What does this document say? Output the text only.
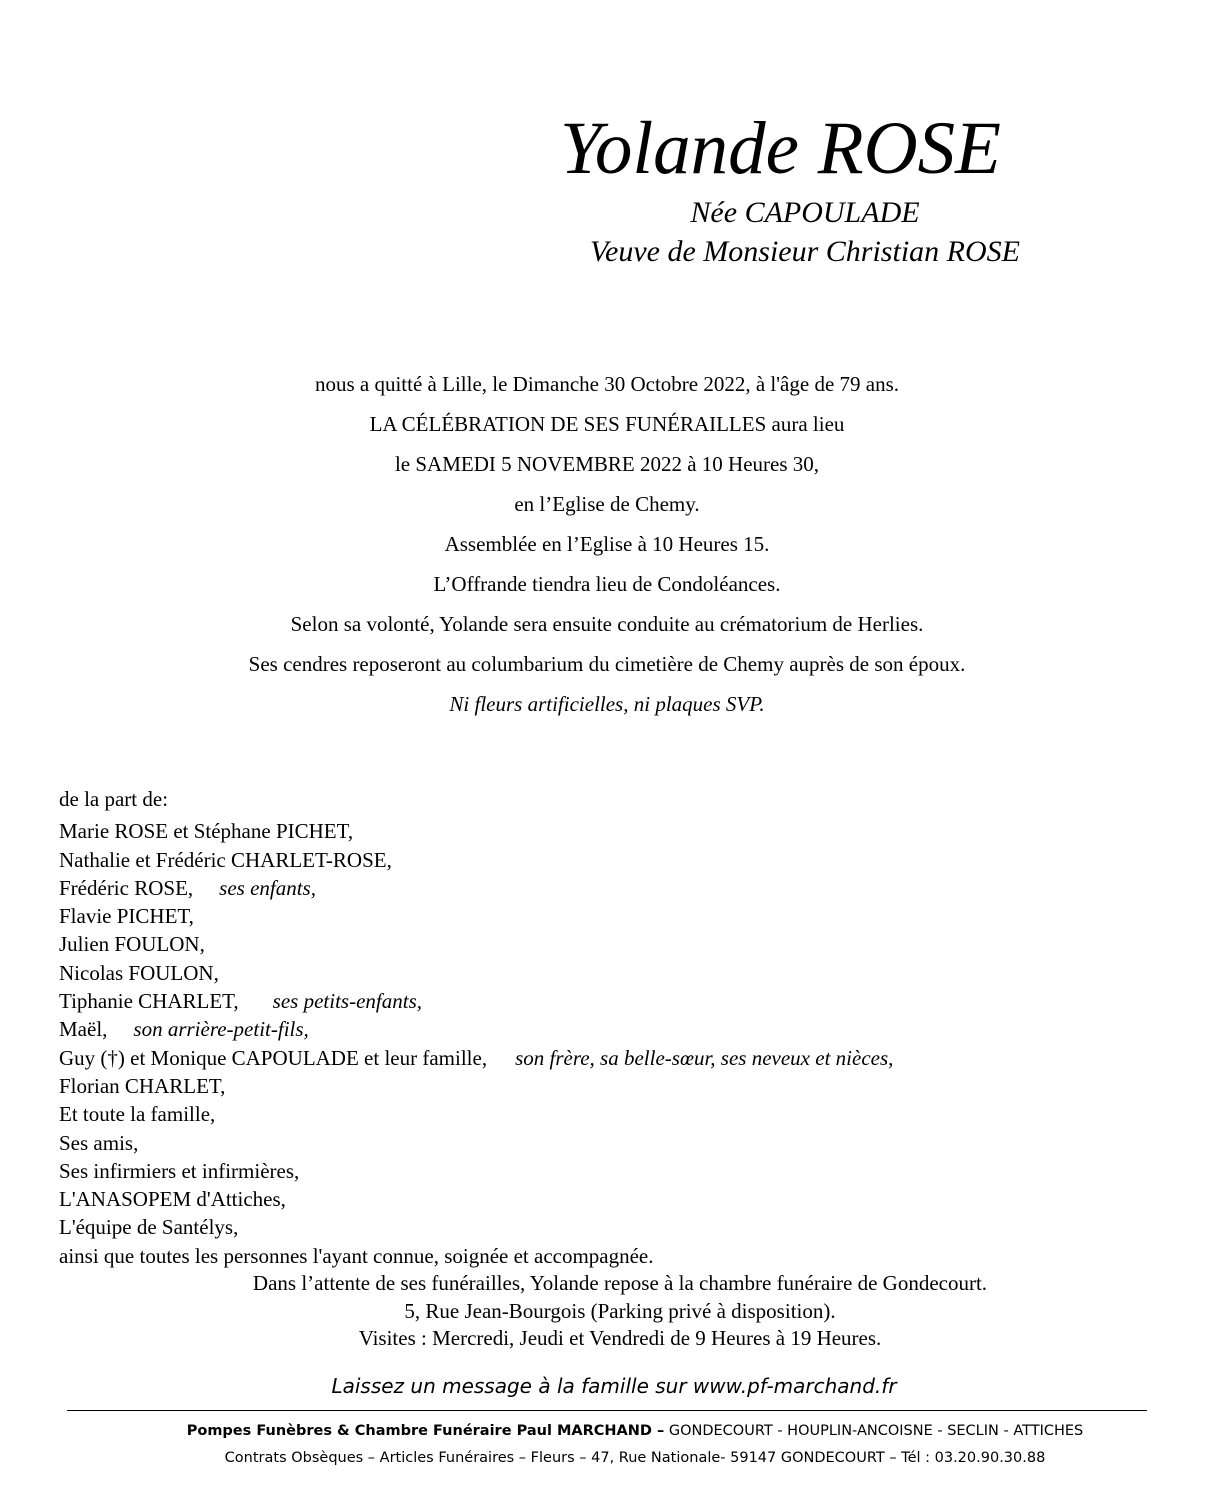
Yolande ROSE
Née CAPOULADE
Veuve de Monsieur Christian ROSE
nous a quitté à Lille, le Dimanche 30 Octobre 2022, à l'âge de 79 ans.
LA CÉLÉBRATION DE SES FUNÉRAILLES aura lieu
le SAMEDI 5 NOVEMBRE 2022 à 10 Heures 30,
en l’Eglise de Chemy.
Assemblée en l’Eglise à 10 Heures 15.
L’Offrande tiendra lieu de Condoléances.
Selon sa volonté, Yolande sera ensuite conduite au crématorium de Herlies.
Ses cendres reposeront au columbarium du cimetière de Chemy auprès de son époux.
Ni fleurs artificielles, ni plaques SVP.
de la part de:
Marie ROSE et Stéphane PICHET,
Nathalie et Frédéric CHARLET-ROSE,
Frédéric ROSE, ses enfants,
Flavie PICHET,
Julien FOULON,
Nicolas FOULON,
Tiphanie CHARLET, ses petits-enfants,
Maël, son arrière-petit-fils,
Guy (†) et Monique CAPOULADE et leur famille, son frère, sa belle-sœur, ses neveux et nièces,
Florian CHARLET,
Et toute la famille,
Ses amis,
Ses infirmiers et infirmières,
L'ANASOPEM d'Attiches,
L'équipe de Santélys,
ainsi que toutes les personnes l'ayant connue, soignée et accompagnée.
Dans l’attente de ses funérailles, Yolande repose à la chambre funéraire de Gondecourt.
5, Rue Jean-Bourgois (Parking privé à disposition).
Visites : Mercredi, Jeudi et Vendredi de 9 Heures à 19 Heures.
Laissez un message à la famille sur www.pf-marchand.fr
Pompes Funèbres & Chambre Funéraire Paul MARCHAND – GONDECOURT - HOUPLIN-ANCOISNE - SECLIN - ATTICHES
Contrats Obsèques – Articles Funéraires – Fleurs – 47, Rue Nationale- 59147 GONDECOURT – Tél : 03.20.90.30.88
